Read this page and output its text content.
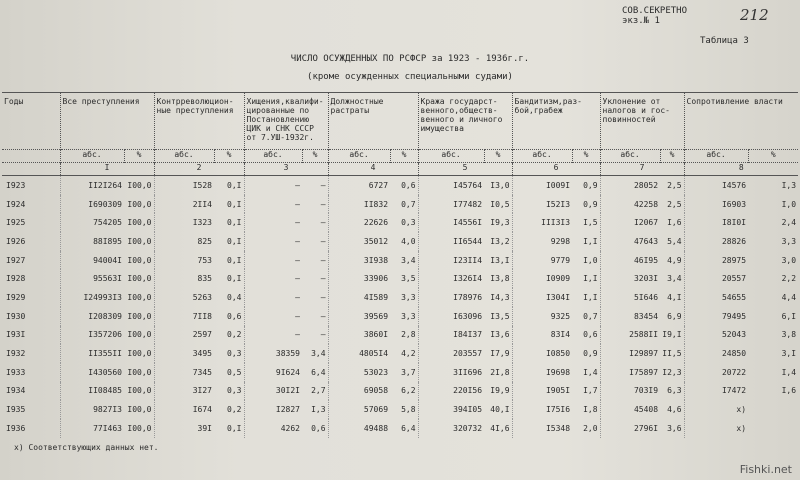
СОВ.СЕКРЕТНО
экз.№ 1	212
Таблица 3
ЧИСЛО ОСУЖДЕННЫХ ПО РСФСР за 1923 - 1936г.г.
(кроме осужденных специальными судами)
Годы	Все преступления		Контрреволюцион-ные преступления		Хищения,квалифи-цированные по Постановлению ЦИК и СНК СССР от 7.УШ-1932г.		Должностные растраты		Кража государст-венного,обществ-венного и личного имущества		Бандитизм,раз-бой,грабеж		Уклонение от налогов и гос-повинностей		Сопротивление власти	
	абс.	%	абс.	%	абс.	%	абс.	%	абс.	%	абс.	%	абс.	%	абс.	%
	I		2		3		4		5		6		7		8	
I923	II2I264	I00,0	I528	0,I	–	–	6727	0,6	I45764	I3,0	I009I	0,9	28052	2,5	I4576	I,3
I924	I690309	I00,0	2II4	0,I	–	–	II832	0,7	I77482	I0,5	I52I3	0,9	42258	2,5	I6903	I,0
I925	754205	I00,0	I323	0,I	–	–	22626	0,3	I4556I	I9,3	III3I3	I,5	I2067	I,6	I8I0I	2,4
I926	88I895	I00,0	825	0,I	–	–	35012	4,0	II6544	I3,2	9298	I,I	47643	5,4	28826	3,3
I927	94004I	I00,0	753	0,I	–	–	3I938	3,4	I23II4	I3,I	9779	I,0	46I95	4,9	28975	3,0
I928	95563I	I00,0	835	0,I	–	–	33906	3,5	I326I4	I3,8	I0909	I,I	3203I	3,4	20557	2,2
I929	I24993I3	I00,0	5263	0,4	–	–	4I589	3,3	I78976	I4,3	I304I	I,I	5I646	4,I	54655	4,4
I930	I208309	I00,0	7II8	0,6	–	–	39569	3,3	I63096	I3,5	9325	0,7	83454	6,9	79495	6,I
I93I	I357206	I00,0	2597	0,2	–	–	3860I	2,8	I84I37	I3,6	83I4	0,6	2588II	I9,I	52043	3,8
I932	II355II	I00,0	3495	0,3	38359	3,4	4805I4	4,2	203557	I7,9	I0850	0,9	I29897	II,5	24850	3,I
I933	I430560	I00,0	7345	0,5	9I624	6,4	53023	3,7	3II696	2I,8	I9698	I,4	I75897	I2,3	20722	I,4
I934	II08485	I00,0	3I27	0,3	30I2I	2,7	69058	6,2	220I56	I9,9	I905I	I,7	703I9	6,3	I7472	I,6
I935	9827I3	I00,0	I674	0,2	I2827	I,3	57069	5,8	394I05	40,I	I75I6	I,8	45408	4,6	x)	
I936	77I463	I00,0	39I	0,I	4262	0,6	49488	6,4	320732	4I,6	I5348	2,0	2796I	3,6	x)	
x) Соответствующих данных нет.
Fishki.net
